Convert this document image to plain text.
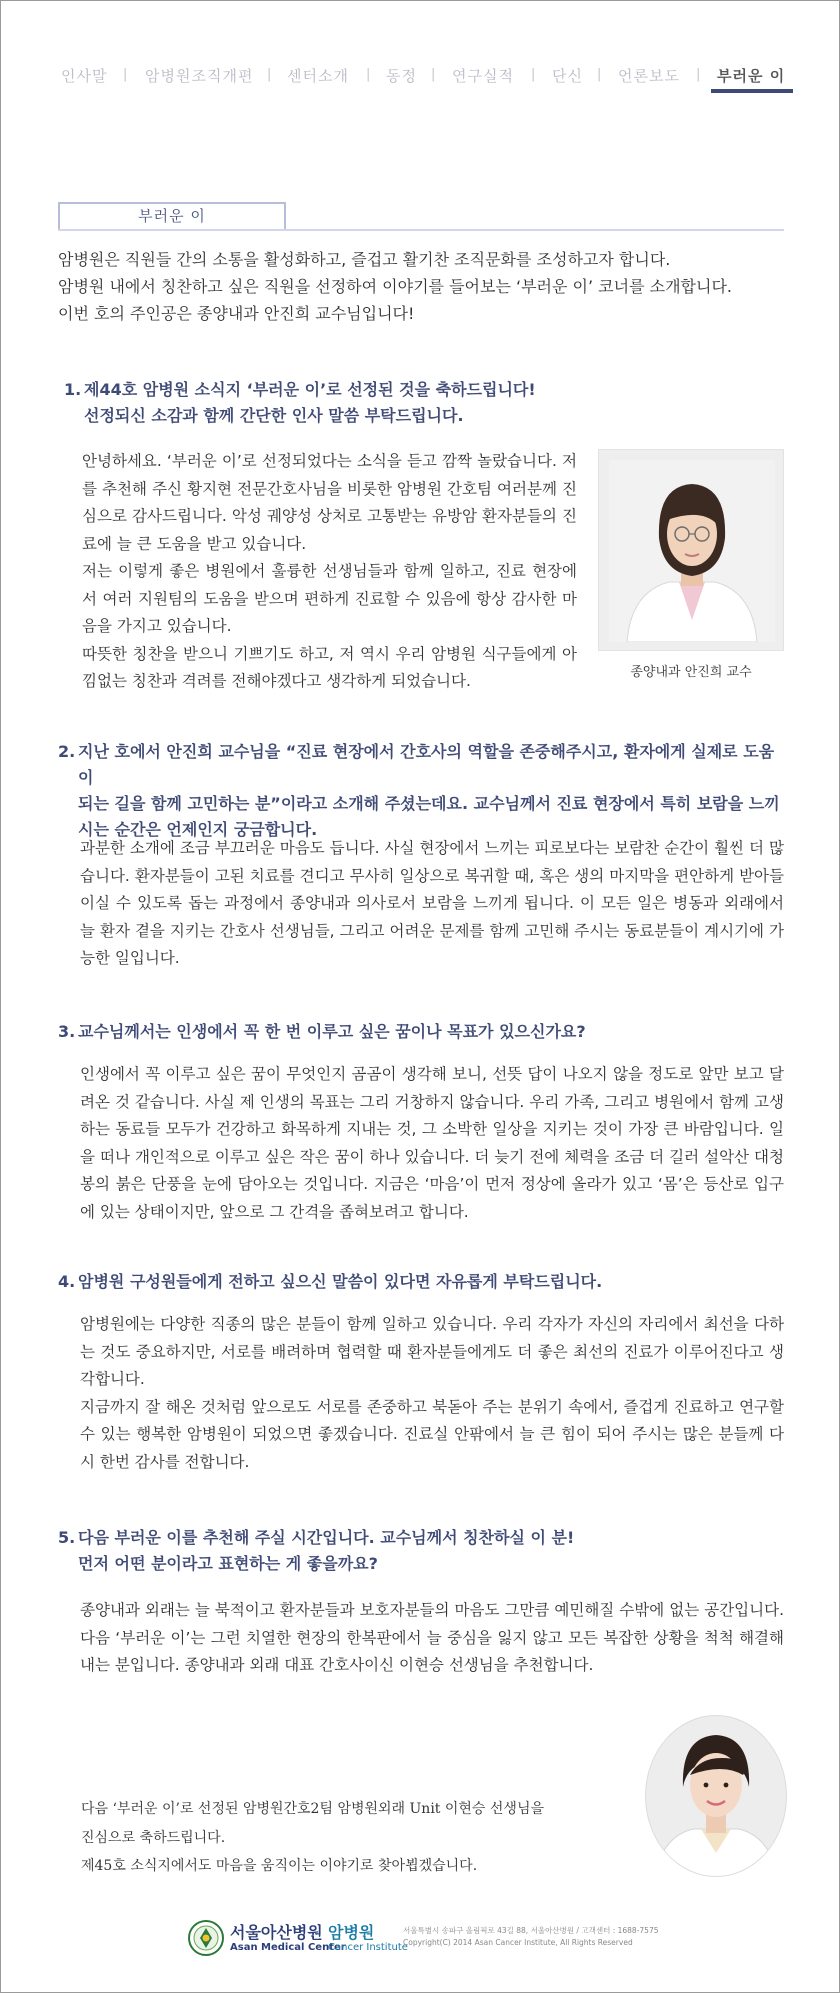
인사말 | 암병원조직개편 | 센터소개 | 동정 | 연구실적 | 단신 | 언론보도 | 부러운 이
부러운 이

암병원은 직원들 간의 소통을 활성화하고, 즐겁고 활기찬 조직문화를 조성하고자 합니다.

암병원 내에서 칭찬하고 싶은 직원을 선정하여 이야기를 들어보는 ‘부러운 이’ 코너를 소개합니다.

이번 호의 주인공은 종양내과 안진희 교수님입니다!

1. 제44호 암병원 소식지 ‘부러운 이’로 선정된 것을 축하드립니다!
선정되신 소감과 함께 간단한 인사 말씀 부탁드립니다.

안녕하세요. ‘부러운 이’로 선정되었다는 소식을 듣고 깜짝 놀랐습니다. 저를 추천해 주신 황지현 전문간호사님을 비롯한 암병원 간호팀 여러분께 진심으로 감사드립니다. 악성 궤양성 상처로 고통받는 유방암 환자분들의 진료에 늘 큰 도움을 받고 있습니다.

저는 이렇게 좋은 병원에서 훌륭한 선생님들과 함께 일하고, 진료 현장에서 여러 지원팀의 도움을 받으며 편하게 진료할 수 있음에 항상 감사한 마음을 가지고 있습니다.

따뜻한 칭찬을 받으니 기쁘기도 하고, 저 역시 우리 암병원 식구들에게 아낌없는 칭찬과 격려를 전해야겠다고 생각하게 되었습니다.	종양내과 안진희 교수
2. 지난 호에서 안진희 교수님을 “진료 현장에서 간호사의 역할을 존중해주시고, 환자에게 실제로 도움이
되는 길을 함께 고민하는 분”이라고 소개해 주셨는데요. 교수님께서 진료 현장에서 특히 보람을 느끼
시는 순간은 언제인지 궁금합니다.

과분한 소개에 조금 부끄러운 마음도 듭니다. 사실 현장에서 느끼는 피로보다는 보람찬 순간이 훨씬 더 많습니다. 환자분들이 고된 치료를 견디고 무사히 일상으로 복귀할 때, 혹은 생의 마지막을 편안하게 받아들이실 수 있도록 돕는 과정에서 종양내과 의사로서 보람을 느끼게 됩니다. 이 모든 일은 병동과 외래에서 늘 환자 곁을 지키는 간호사 선생님들, 그리고 어려운 문제를 함께 고민해 주시는 동료분들이 계시기에 가능한 일입니다.

3. 교수님께서는 인생에서 꼭 한 번 이루고 싶은 꿈이나 목표가 있으신가요?

인생에서 꼭 이루고 싶은 꿈이 무엇인지 곰곰이 생각해 보니, 선뜻 답이 나오지 않을 정도로 앞만 보고 달려온 것 같습니다. 사실 제 인생의 목표는 그리 거창하지 않습니다. 우리 가족, 그리고 병원에서 함께 고생하는 동료들 모두가 건강하고 화목하게 지내는 것, 그 소박한 일상을 지키는 것이 가장 큰 바람입니다. 일을 떠나 개인적으로 이루고 싶은 작은 꿈이 하나 있습니다. 더 늦기 전에 체력을 조금 더 길러 설악산 대청봉의 붉은 단풍을 눈에 담아오는 것입니다. 지금은 ‘마음’이 먼저 정상에 올라가 있고 ‘몸’은 등산로 입구에 있는 상태이지만, 앞으로 그 간격을 좁혀보려고 합니다.

4. 암병원 구성원들에게 전하고 싶으신 말씀이 있다면 자유롭게 부탁드립니다.

암병원에는 다양한 직종의 많은 분들이 함께 일하고 있습니다. 우리 각자가 자신의 자리에서 최선을 다하는 것도 중요하지만, 서로를 배려하며 협력할 때 환자분들에게도 더 좋은 최선의 진료가 이루어진다고 생각합니다.

지금까지 잘 해온 것처럼 앞으로도 서로를 존중하고 북돋아 주는 분위기 속에서, 즐겁게 진료하고 연구할 수 있는 행복한 암병원이 되었으면 좋겠습니다. 진료실 안팎에서 늘 큰 힘이 되어 주시는 많은 분들께 다시 한번 감사를 전합니다.

5. 다음 부러운 이를 추천해 주실 시간입니다. 교수님께서 칭찬하실 이 분!
먼저 어떤 분이라고 표현하는 게 좋을까요?

종양내과 외래는 늘 북적이고 환자분들과 보호자분들의 마음도 그만큼 예민해질 수밖에 없는 공간입니다. 다음 ‘부러운 이’는 그런 치열한 현장의 한복판에서 늘 중심을 잃지 않고 모든 복잡한 상황을 척척 해결해 내는 분입니다. 종양내과 외래 대표 간호사이신 이현승 선생님을 추천합니다.

다음 ‘부러운 이’로 선정된 암병원간호2팀 암병원외래 Unit 이현승 선생님을

진심으로 축하드립니다.

제45호 소식지에서도 마음을 움직이는 이야기로 찾아뵙겠습니다.

서울아산병원
Asan Medical Center
암병원
Cancer Institute
서울특별시 송파구 올림픽로 43길 88, 서울아산병원 / 고객센터 : 1688-7575
Copyright(C) 2014 Asan Cancer Institute, All Rights Reserved
